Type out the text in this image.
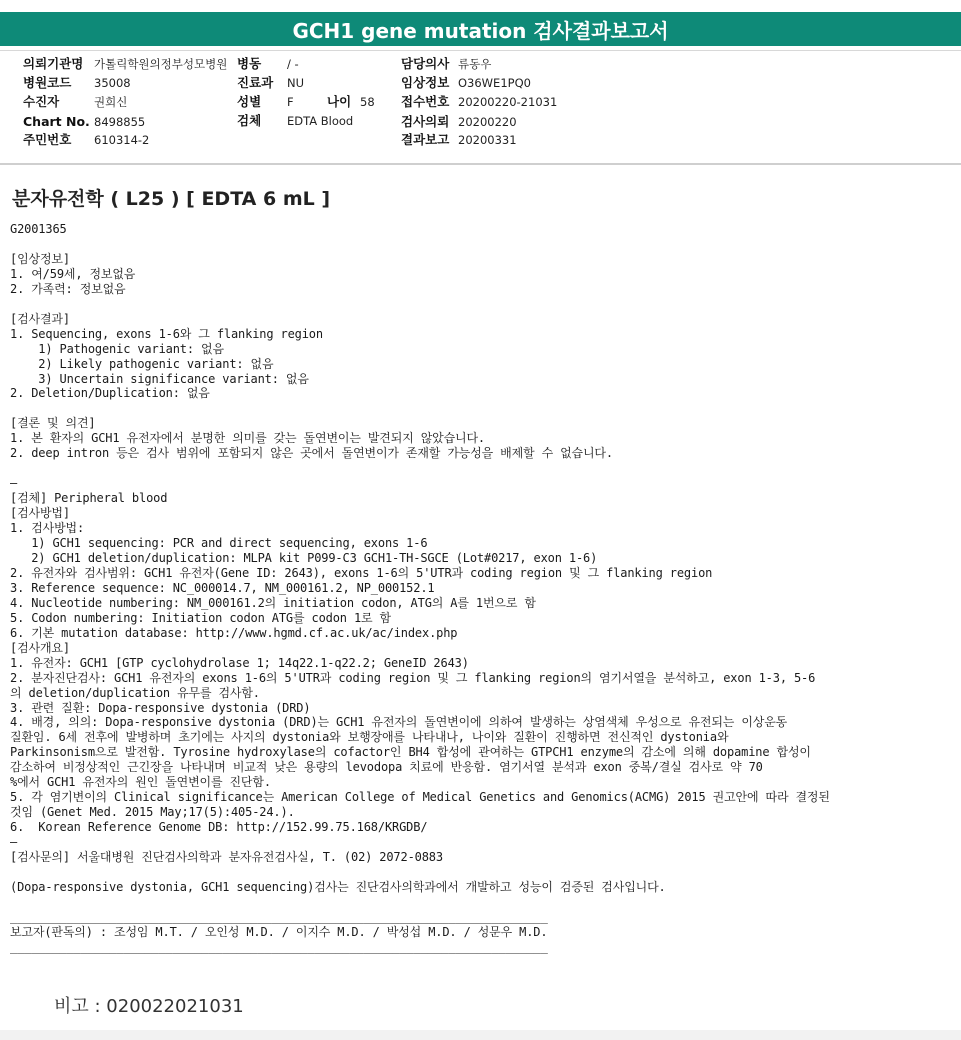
GCH1 gene mutation 검사결과보고서
의뢰기관명 가톨릭학원의정부성모병원 병동 / -	담당의사 류동우
병원코드 35008	진료과 NU	임상정보 O36WE1PQ0
수진자	권희신	성별 F	나이 58 접수번호 20200220-21031
Chart No. 8498855	검체 EDTA Blood	검사의뢰 20200220
주민번호 610314-2	결과보고 20200331
분자유전학 ( L25 ) [ EDTA 6 mL ]
G2001365

[임상정보]
1. 여/59세, 정보없음
2. 가족력: 정보없음

[검사결과]
1. Sequencing, exons 1-6와 그 flanking region
1) Pathogenic variant: 없음
2) Likely pathogenic variant: 없음
3) Uncertain significance variant: 없음
2. Deletion/Duplication: 없음

[결론 및 의견]
1. 본 환자의 GCH1 유전자에서 분명한 의미를 갖는 돌연변이는 발견되지 않았습니다.
2. deep intron 등은 검사 범위에 포함되지 않은 곳에서 돌연변이가 존재할 가능성을 배제할 수 없습니다.

—
[검체] Peripheral blood
[검사방법]
1. 검사방법:
1) GCH1 sequencing: PCR and direct sequencing, exons 1-6
2) GCH1 deletion/duplication: MLPA kit P099-C3 GCH1-TH-SGCE (Lot#0217, exon 1-6)
2. 유전자와 검사범위: GCH1 유전자(Gene ID: 2643), exons 1-6의 5'UTR과 coding region 및 그 flanking region
3. Reference sequence: NC_000014.7, NM_000161.2, NP_000152.1
4. Nucleotide numbering: NM_000161.2의 initiation codon, ATG의 A를 1번으로 함
5. Codon numbering: Initiation codon ATG를 codon 1로 함
6. 기본 mutation database: http://www.hgmd.cf.ac.uk/ac/index.php
[검사개요]
1. 유전자: GCH1 [GTP cyclohydrolase 1; 14q22.1-q22.2; GeneID 2643)
2. 분자진단검사: GCH1 유전자의 exons 1-6의 5'UTR과 coding region 및 그 flanking region의 염기서열을 분석하고, exon 1-3, 5-6
의 deletion/duplication 유무를 검사함.
3. 관련 질환: Dopa-responsive dystonia (DRD)
4. 배경, 의의: Dopa-responsive dystonia (DRD)는 GCH1 유전자의 돌연변이에 의하여 발생하는 상염색체 우성으로 유전되는 이상운동
질환임. 6세 전후에 발병하며 초기에는 사지의 dystonia와 보행장애를 나타내나, 나이와 질환이 진행하면 전신적인 dystonia와
Parkinsonism으로 발전함. Tyrosine hydroxylase의 cofactor인 BH4 합성에 관여하는 GTPCH1 enzyme의 감소에 의해 dopamine 합성이
감소하여 비정상적인 근긴장을 나타내며 비교적 낮은 용량의 levodopa 치료에 반응함. 염기서열 분석과 exon 중복/결실 검사로 약 70
%에서 GCH1 유전자의 원인 돌연변이를 진단함.
5. 각 염기변이의 Clinical significance는 American College of Medical Genetics and Genomics(ACMG) 2015 권고안에 따라 결정된
것임 (Genet Med. 2015 May;17(5):405-24.).
6.  Korean Reference Genome DB: http://152.99.75.168/KRGDB/
—
[검사문의] 서울대병원 진단검사의학과 분자유전검사실, T. (02) 2072-0883

(Dopa-responsive dystonia, GCH1 sequencing)검사는 진단검사의학과에서 개발하고 성능이 검증된 검사입니다.

____________________________________________________________________________
보고자(판독의) : 조성임 M.T. / 오인성 M.D. / 이지수 M.D. / 박성섭 M.D. / 성문우 M.D.
____________________________________________________________________________
비고 : 020022021031
